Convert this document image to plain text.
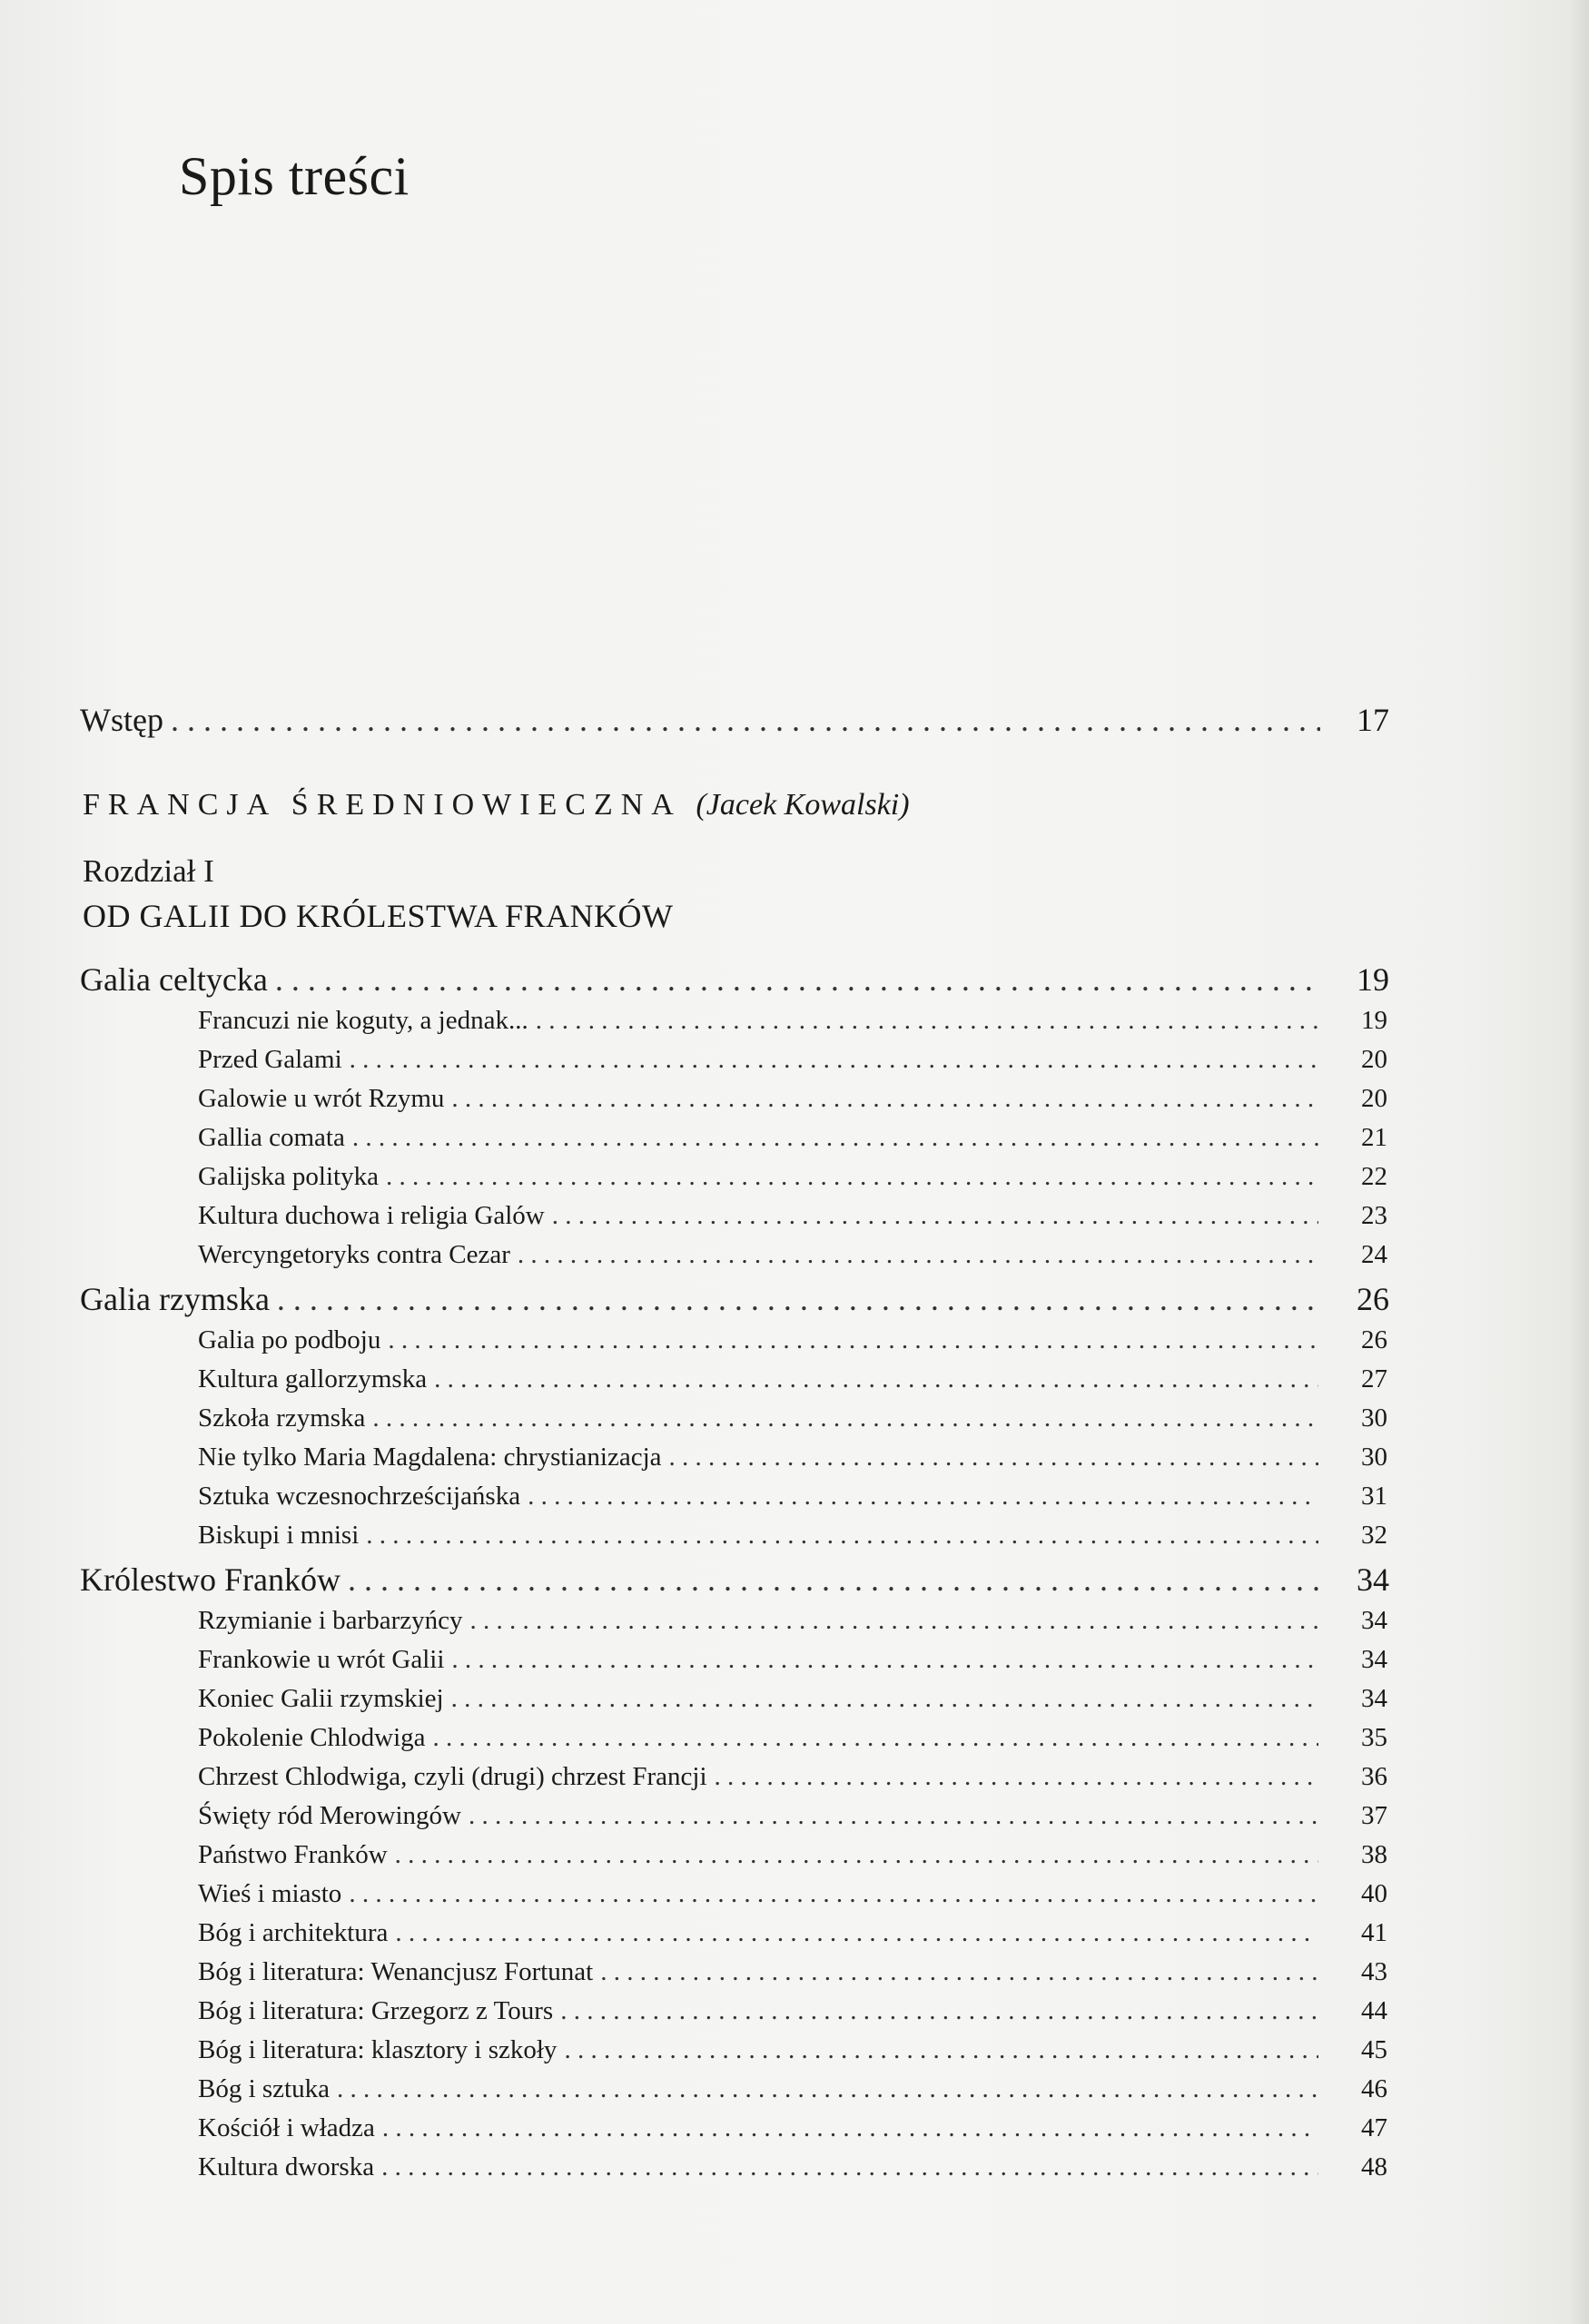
Spis treści
Wstęp . . .	17
FRANCJA ŚREDNIOWIECZNA (Jacek Kowalski)
Rozdział I
OD GALII DO KRÓLESTWA FRANKÓW
Galia celtycka . . .	19
Francuzi nie koguty, a jednak... . . .	19
Przed Galami . . .	20
Galowie u wrót Rzymu . . .	20
Gallia comata . . .	21
Galijska polityka . . .	22
Kultura duchowa i religia Galów . . .	23
Wercyngetoryks contra Cezar . . .	24
Galia rzymska . . .	26
Galia po podboju . . .	26
Kultura gallorzymska . . .	27
Szkoła rzymska . . .	30
Nie tylko Maria Magdalena: chrystianizacja . . .	30
Sztuka wczesnochrześcijańska . . .	31
Biskupi i mnisi . . .	32
Królestwo Franków . . .	34
Rzymianie i barbarzyńcy . . .	34
Frankowie u wrót Galii . . .	34
Koniec Galii rzymskiej . . .	34
Pokolenie Chlodwiga . . .	35
Chrzest Chlodwiga, czyli (drugi) chrzest Francji . . .	36
Święty ród Merowingów . . .	37
Państwo Franków . . .	38
Wieś i miasto . . .	40
Bóg i architektura . . .	41
Bóg i literatura: Wenancjusz Fortunat . . .	43
Bóg i literatura: Grzegorz z Tours . . .	44
Bóg i literatura: klasztory i szkoły . . .	45
Bóg i sztuka . . .	46
Kościół i władza . . .	47
Kultura dworska . . .	48
